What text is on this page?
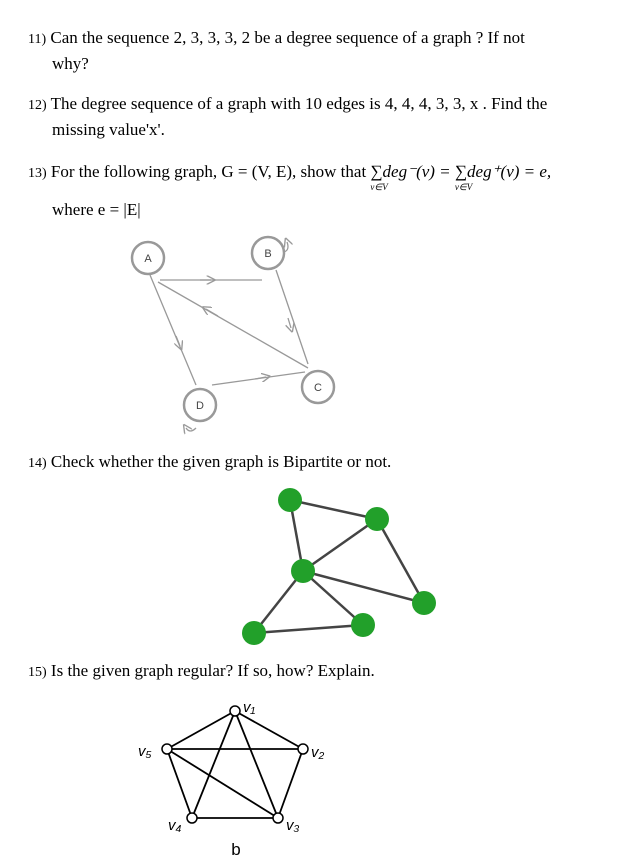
11) Can the sequence 2, 3, 3, 3, 2 be a degree sequence of a graph ? If not
why?
12) The degree sequence of a graph with 10 edges is 4, 4, 4, 3, 3, x . Find the
missing value'x'.
13) For the following graph, G = (V, E), show that ∑
v∈V
deg⁻(v) = ∑
v∈V
deg⁺(v) = e,
where e = |E|
A	B
C
D
v₁
v₂
v₃
v₄
v₅
b
14) Check whether the given graph is Bipartite or not.
15) Is the given graph regular? If so, how? Explain.
